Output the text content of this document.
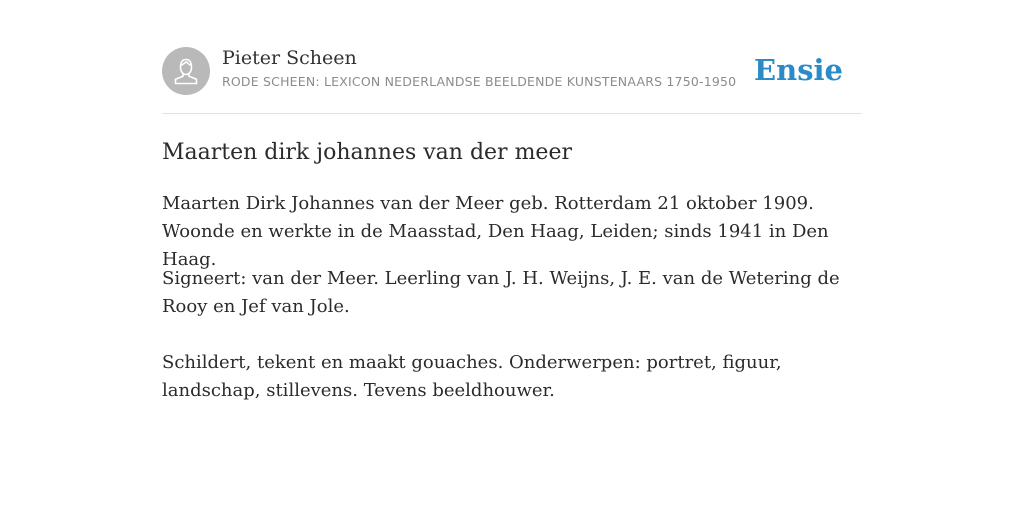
Pieter Scheen
RODE SCHEEN: LEXICON NEDERLANDSE BEELDENDE KUNSTENAARS 1750-1950 Ensie
Maarten dirk johannes van der meer

Maarten Dirk Johannes van der Meer geb. Rotterdam 21 oktober 1909. Woonde en werkte in de Maasstad, Den Haag, Leiden; sinds 1941 in Den Haag.

Signeert: van der Meer. Leerling van J. H. Weijns, J. E. van de Wetering de Rooy en Jef van Jole.

Schildert, tekent en maakt gouaches. Onderwerpen: portret, figuur, landschap, stillevens. Tevens beeldhouwer.
